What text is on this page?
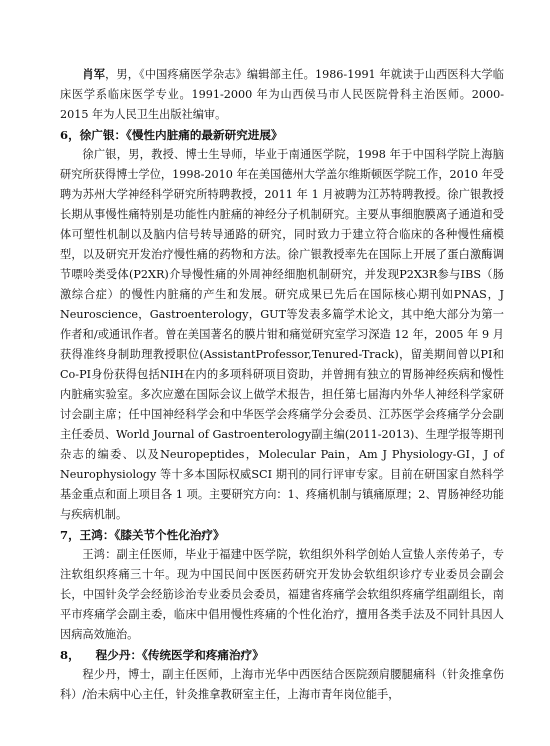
肖军，男，《中国疼痛医学杂志》编辑部主任。1986-1991 年就读于山西医科大学临床医学系临床医学专业。1991-2000 年为山西侯马市人民医院骨科主治医师。2000-2015 年为人民卫生出版社编审。

6，徐广银：《慢性内脏痛的最新研究进展》

徐广银，男，教授、博士生导师，毕业于南通医学院，1998 年于中国科学院上海脑研究所获得博士学位，1998-2010 年在美国德州大学盖尔维斯顿医学院工作，2010 年受聘为苏州大学神经科学研究所特聘教授，2011 年 1 月被聘为江苏特聘教授。徐广银教授长期从事慢性痛特别是功能性内脏痛的神经分子机制研究。主要从事细胞膜离子通道和受体可塑性机制以及脑内信号转导通路的研究，同时致力于建立符合临床的各种慢性痛模型，以及研究开发治疗慢性痛的药物和方法。徐广银教授率先在国际上开展了蛋白激酶调节嘌呤类受体(P2XR)介导慢性痛的外周神经细胞机制研究，并发现P2X3R参与IBS（肠激综合症）的慢性内脏痛的产生和发展。研究成果已先后在国际核心期刊如PNAS，J Neuroscience，Gastroenterology，GUT等发表多篇学术论文，其中绝大部分为第一作者和/或通讯作者。曾在美国著名的膜片钳和痛觉研究室学习深造 12 年，2005 年 9 月获得准终身制助理教授职位(AssistantProfessor,Tenured-Track)，留美期间曾以PI和Co-PI身份获得包括NIH在内的多项科研项目资助，并曾拥有独立的胃肠神经疾病和慢性内脏痛实验室。多次应邀在国际会议上做学术报告，担任第七届海内外华人神经科学家研讨会副主席；任中国神经科学会和中华医学会疼痛学分会委员、江苏医学会疼痛学分会副主任委员、World Journal of Gastroenterology副主编(2011-2013)、生理学报等期刊杂志的编委、以及Neuropeptides，Molecular Pain，Am J Physiology-GI，J of Neurophysiology 等十多本国际权威SCI 期刊的同行评审专家。目前在研国家自然科学基金重点和面上项目各 1 项。主要研究方向：1、疼痛机制与镇痛原理；2、胃肠神经功能与疾病机制。

7，王鸿：《膝关节个性化治疗》

王鸿：副主任医师，毕业于福建中医学院，软组织外科学创始人宣蛰人亲传弟子，专注软组织疼痛三十年。现为中国民间中医医药研究开发协会软组织诊疗专业委员会副会长，中国针灸学会经筋诊治专业委员会委员，福建省疼痛学会软组织疼痛学组副组长，南平市疼痛学会副主委，临床中倡用慢性疼痛的个性化治疗，擅用各类手法及不同针具因人因病高效施治。

8， 程少丹：《传统医学和疼痛治疗》

程少丹，博士，副主任医师，上海市光华中西医结合医院颈肩腰腿痛科（针灸推拿伤科）/治未病中心主任，针灸推拿教研室主任，上海市青年岗位能手，
